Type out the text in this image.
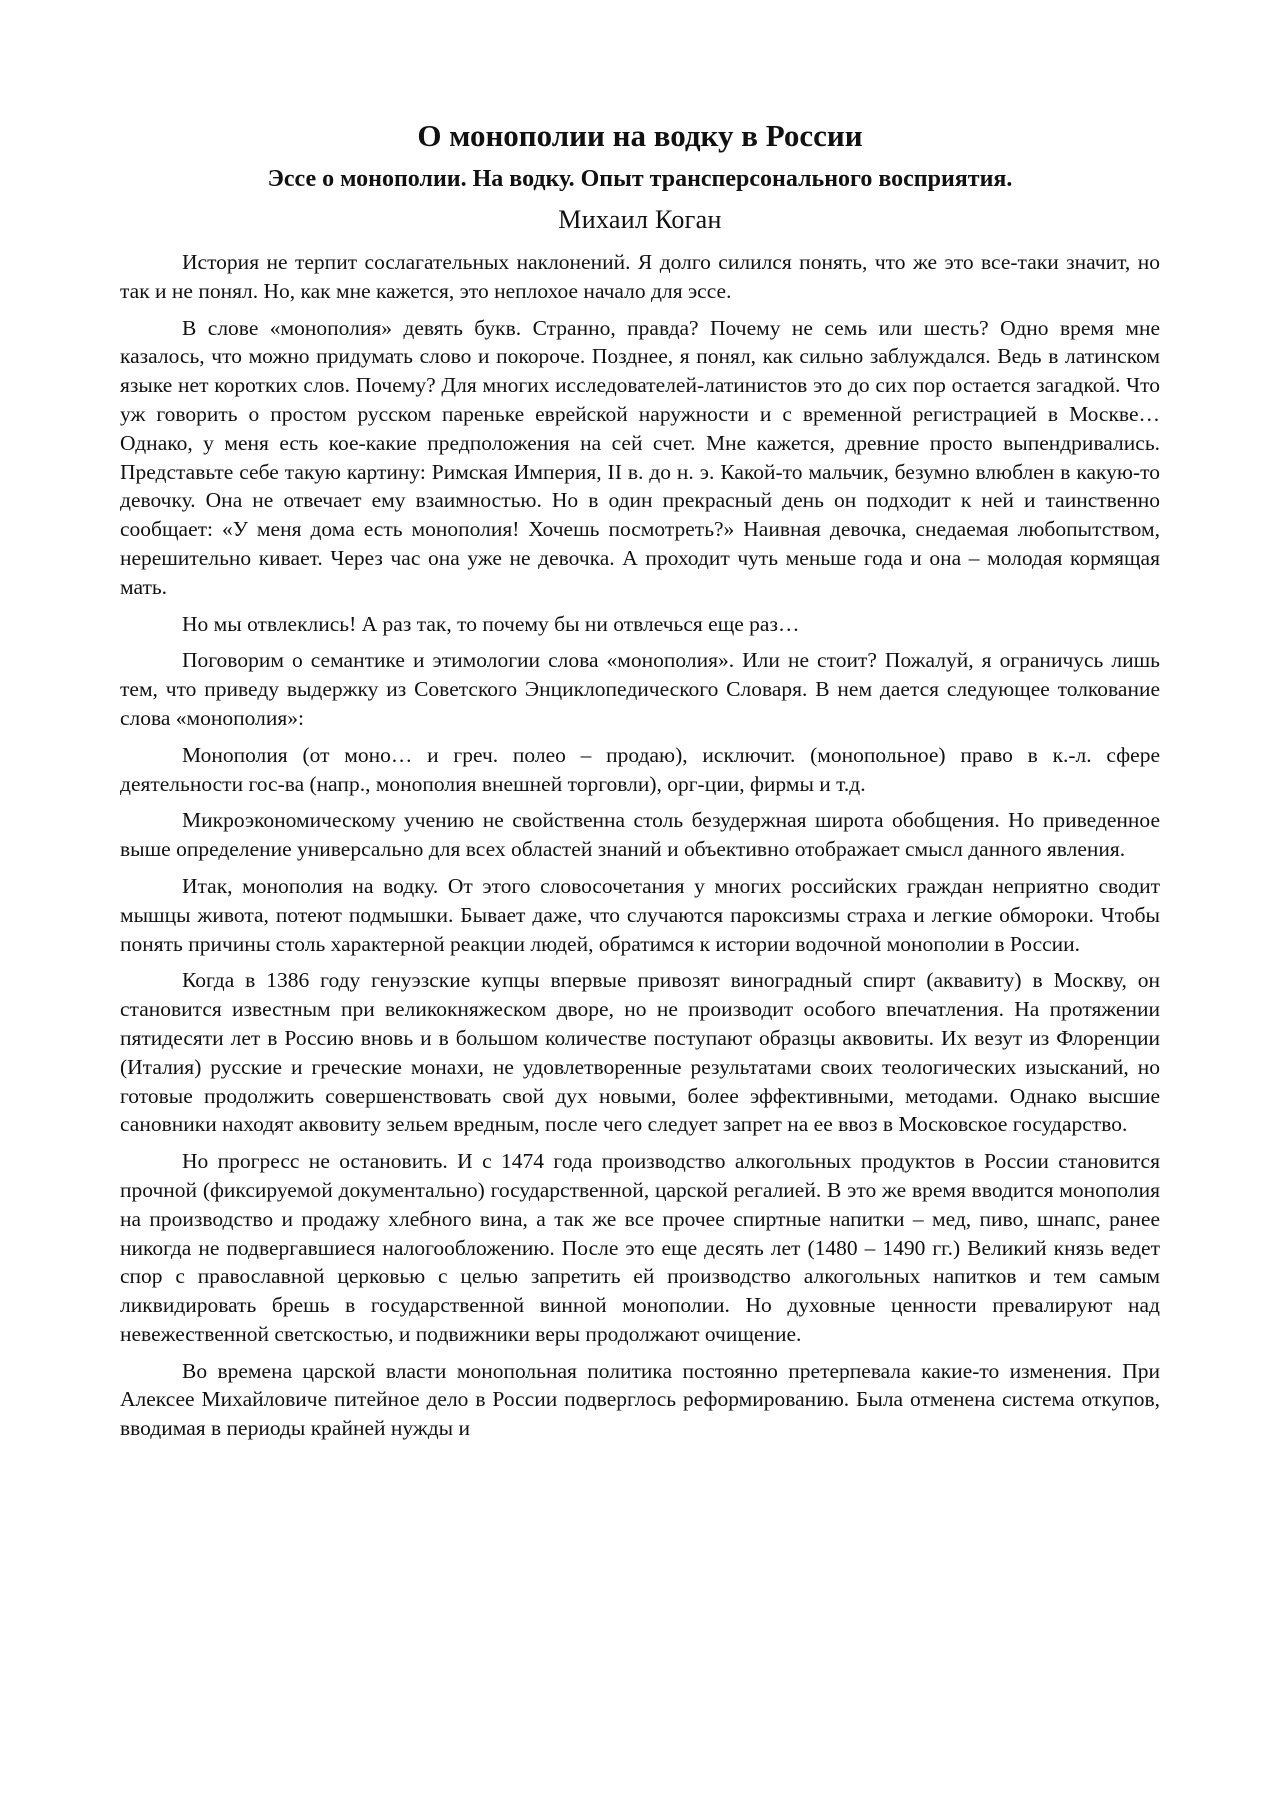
О монополии на водку в России
Эссе о монополии. На водку. Опыт трансперсонального восприятия.
Михаил Коган

История не терпит сослагательных наклонений. Я долго силился понять, что же это все-таки значит, но так и не понял. Но, как мне кажется, это неплохое начало для эссе.

В слове «монополия» девять букв. Странно, правда? Почему не семь или шесть? Одно время мне казалось, что можно придумать слово и покороче. Позднее, я понял, как сильно заблуждался. Ведь в латинском языке нет коротких слов. Почему? Для многих исследователей-латинистов это до сих пор остается загадкой. Что уж говорить о простом русском пареньке еврейской наружности и с временной регистрацией в Москве… Однако, у меня есть кое-какие предположения на сей счет. Мне кажется, древние просто выпендривались. Представьте себе такую картину: Римская Империя, II в. до н. э. Какой-то мальчик, безумно влюблен в какую-то девочку. Она не отвечает ему взаимностью. Но в один прекрасный день он подходит к ней и таинственно сообщает: «У меня дома есть монополия! Хочешь посмотреть?» Наивная девочка, снедаемая любопытством, нерешительно кивает. Через час она уже не девочка. А проходит чуть меньше года и она – молодая кормящая мать.

Но мы отвлеклись! А раз так, то почему бы ни отвлечься еще раз…

Поговорим о семантике и этимологии слова «монополия». Или не стоит? Пожалуй, я ограничусь лишь тем, что приведу выдержку из Советского Энциклопедического Словаря. В нем дается следующее толкование слова «монополия»:

Монополия (от моно… и греч. полео – продаю), исключит. (монопольное) право в к.-л. сфере деятельности гос-ва (напр., монополия внешней торговли), орг-ции, фирмы и т.д.

Микроэкономическому учению не свойственна столь безудержная широта обобщения. Но приведенное выше определение универсально для всех областей знаний и объективно отображает смысл данного явления.

Итак, монополия на водку. От этого словосочетания у многих российских граждан неприятно сводит мышцы живота, потеют подмышки. Бывает даже, что случаются пароксизмы страха и легкие обмороки. Чтобы понять причины столь характерной реакции людей, обратимся к истории водочной монополии в России.

Когда в 1386 году генуэзские купцы впервые привозят виноградный спирт (аквавиту) в Москву, он становится известным при великокняжеском дворе, но не производит особого впечатления. На протяжении пятидесяти лет в Россию вновь и в большом количестве поступают образцы аквовиты. Их везут из Флоренции (Италия) русские и греческие монахи, не удовлетворенные результатами своих теологических изысканий, но готовые продолжить совершенствовать свой дух новыми, более эффективными, методами. Однако высшие сановники находят аквовиту зельем вредным, после чего следует запрет на ее ввоз в Московское государство.

Но прогресс не остановить. И с 1474 года производство алкогольных продуктов в России становится прочной (фиксируемой документально) государственной, царской регалией. В это же время вводится монополия на производство и продажу хлебного вина, а так же все прочее спиртные напитки – мед, пиво, шнапс, ранее никогда не подвергавшиеся налогообложению. После это еще десять лет (1480 – 1490 гг.) Великий князь ведет спор с православной церковью с целью запретить ей производство алкогольных напитков и тем самым ликвидировать брешь в государственной винной монополии. Но духовные ценности превалируют над невежественной светскостью, и подвижники веры продолжают очищение.

Во времена царской власти монопольная политика постоянно претерпевала какие-то изменения. При Алексее Михайловиче питейное дело в России подверглось реформированию. Была отменена система откупов, вводимая в периоды крайней нужды и
